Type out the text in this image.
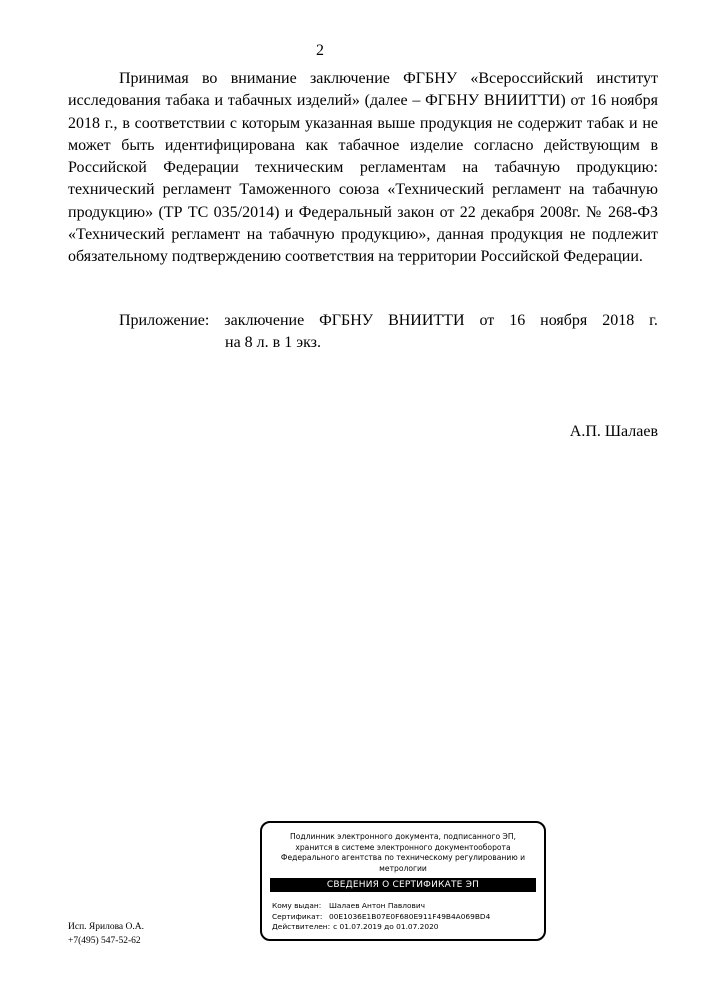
2

Принимая во внимание заключение ФГБНУ «Всероссийский институт исследования табака и табачных изделий» (далее – ФГБНУ ВНИИТТИ) от 16 ноября 2018 г., в соответствии с которым указанная выше продукция не содержит табак и не может быть идентифицирована как табачное изделие согласно действующим в Российской Федерации техническим регламентам на табачную продукцию: технический регламент Таможенного союза «Технический регламент на табачную продукцию» (ТР ТС 035/2014) и Федеральный закон от 22 декабря 2008г. № 268-ФЗ «Технический регламент на табачную продукцию», данная продукция не подлежит обязательному подтверждению соответствия на территории Российской Федерации.

Приложение: заключение ФГБНУ ВНИИТТИ от 16 ноября 2018 г.
на 8 л. в 1 экз.
А.П. Шалаев
Исп. Ярилова О.А.
+7(495) 547-52-62
Подлинник электронного документа, подписанного ЭП,
хранится в системе электронного документооборота
Федерального агентства по техническому регулированию и
метрологии
СВЕДЕНИЯ О СЕРТИФИКАТЕ ЭП
Кому выдан: Шалаев Антон Павлович
Сертификат: 00E1036E1B07E0F680E911F49B4A069BD4
Действителен: с 01.07.2019 до 01.07.2020
